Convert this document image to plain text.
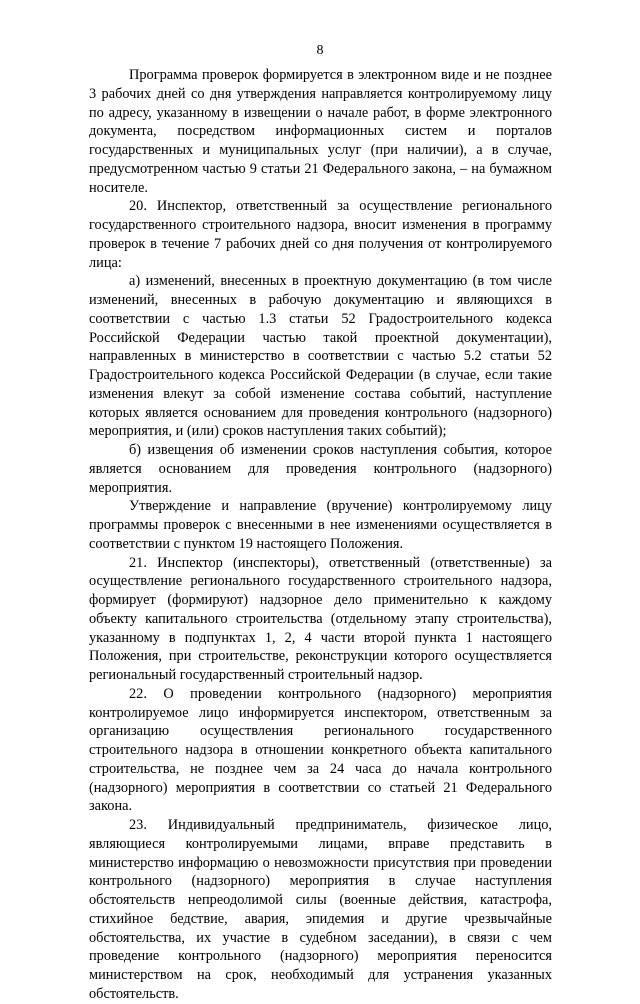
8

Программа проверок формируется в электронном виде и не позднее 3 рабочих дней со дня утверждения направляется контролируемому лицу по адресу, указанному в извещении о начале работ, в форме электронного документа, посредством информационных систем и порталов государственных и муниципальных услуг (при наличии), а в случае, предусмотренном частью 9 статьи 21 Федерального закона, – на бумажном носителе.

20. Инспектор, ответственный за осуществление регионального государственного строительного надзора, вносит изменения в программу проверок в течение 7 рабочих дней со дня получения от контролируемого лица:

а) изменений, внесенных в проектную документацию (в том числе изменений, внесенных в рабочую документацию и являющихся в соответствии с частью 1.3 статьи 52 Градостроительного кодекса Российской Федерации частью такой проектной документации), направленных в министерство в соответствии с частью 5.2 статьи 52 Градостроительного кодекса Российской Федерации (в случае, если такие изменения влекут за собой изменение состава событий, наступление которых является основанием для проведения контрольного (надзорного) мероприятия, и (или) сроков наступления таких событий);

б) извещения об изменении сроков наступления события, которое является основанием для проведения контрольного (надзорного) мероприятия.

Утверждение и направление (вручение) контролируемому лицу программы проверок с внесенными в нее изменениями осуществляется в соответствии с пунктом 19 настоящего Положения.

21. Инспектор (инспекторы), ответственный (ответственные) за осуществление регионального государственного строительного надзора, формирует (формируют) надзорное дело применительно к каждому объекту капитального строительства (отдельному этапу строительства), указанному в подпунктах 1, 2, 4 части второй пункта 1 настоящего Положения, при строительстве, реконструкции которого осуществляется региональный государственный строительный надзор.

22. О проведении контрольного (надзорного) мероприятия контролируемое лицо информируется инспектором, ответственным за организацию осуществления регионального государственного строительного надзора в отношении конкретного объекта капитального строительства, не позднее чем за 24 часа до начала контрольного (надзорного) мероприятия в соответствии со статьей 21 Федерального закона.

23. Индивидуальный предприниматель, физическое лицо, являющиеся контролируемыми лицами, вправе представить в министерство информацию о невозможности присутствия при проведении контрольного (надзорного) мероприятия в случае наступления обстоятельств непреодолимой силы (военные действия, катастрофа, стихийное бедствие, авария, эпидемия и другие чрезвычайные обстоятельства, их участие в судебном заседании), в связи с чем проведение контрольного (надзорного) мероприятия переносится министерством на срок, необходимый для устранения указанных обстоятельств.
